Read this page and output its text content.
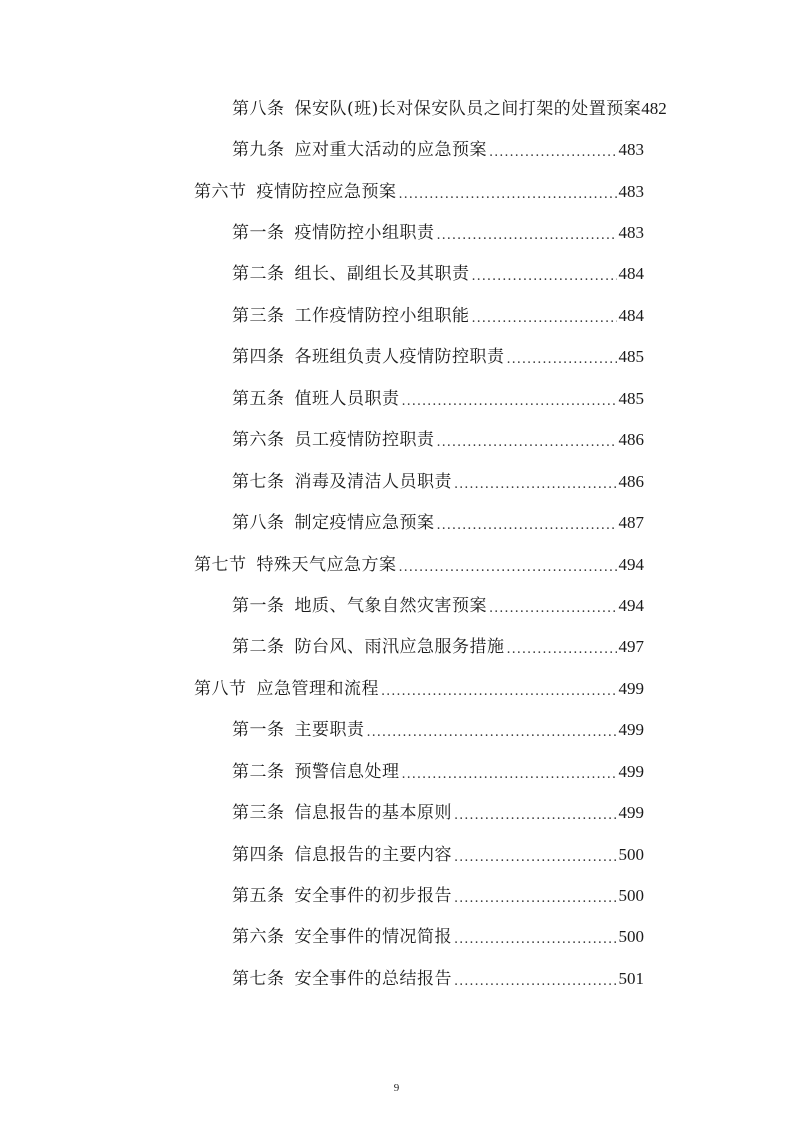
第八条 保安队(班)长对保安队员之间打架的处置预案 482
第九条 应对重大活动的应急预案 .....	483
第六节 疫情防控应急预案 .....	483
第一条 疫情防控小组职责 .....	483
第二条 组长、副组长及其职责 .....	484
第三条 工作疫情防控小组职能 .....	484
第四条 各班组负责人疫情防控职责 .....	485
第五条 值班人员职责 .....	485
第六条 员工疫情防控职责 .....	486
第七条 消毒及清洁人员职责 .....	486
第八条 制定疫情应急预案 .....	487
第七节 特殊天气应急方案 .....	494
第一条 地质、气象自然灾害预案 .....	494
第二条 防台风、雨汛应急服务措施 .....	497
第八节 应急管理和流程 .....	499
第一条 主要职责 .....	499
第二条 预警信息处理 .....	499
第三条 信息报告的基本原则 .....	499
第四条 信息报告的主要内容 .....	500
第五条 安全事件的初步报告 .....	500
第六条 安全事件的情况简报 .....	500
第七条 安全事件的总结报告 .....	501
9
